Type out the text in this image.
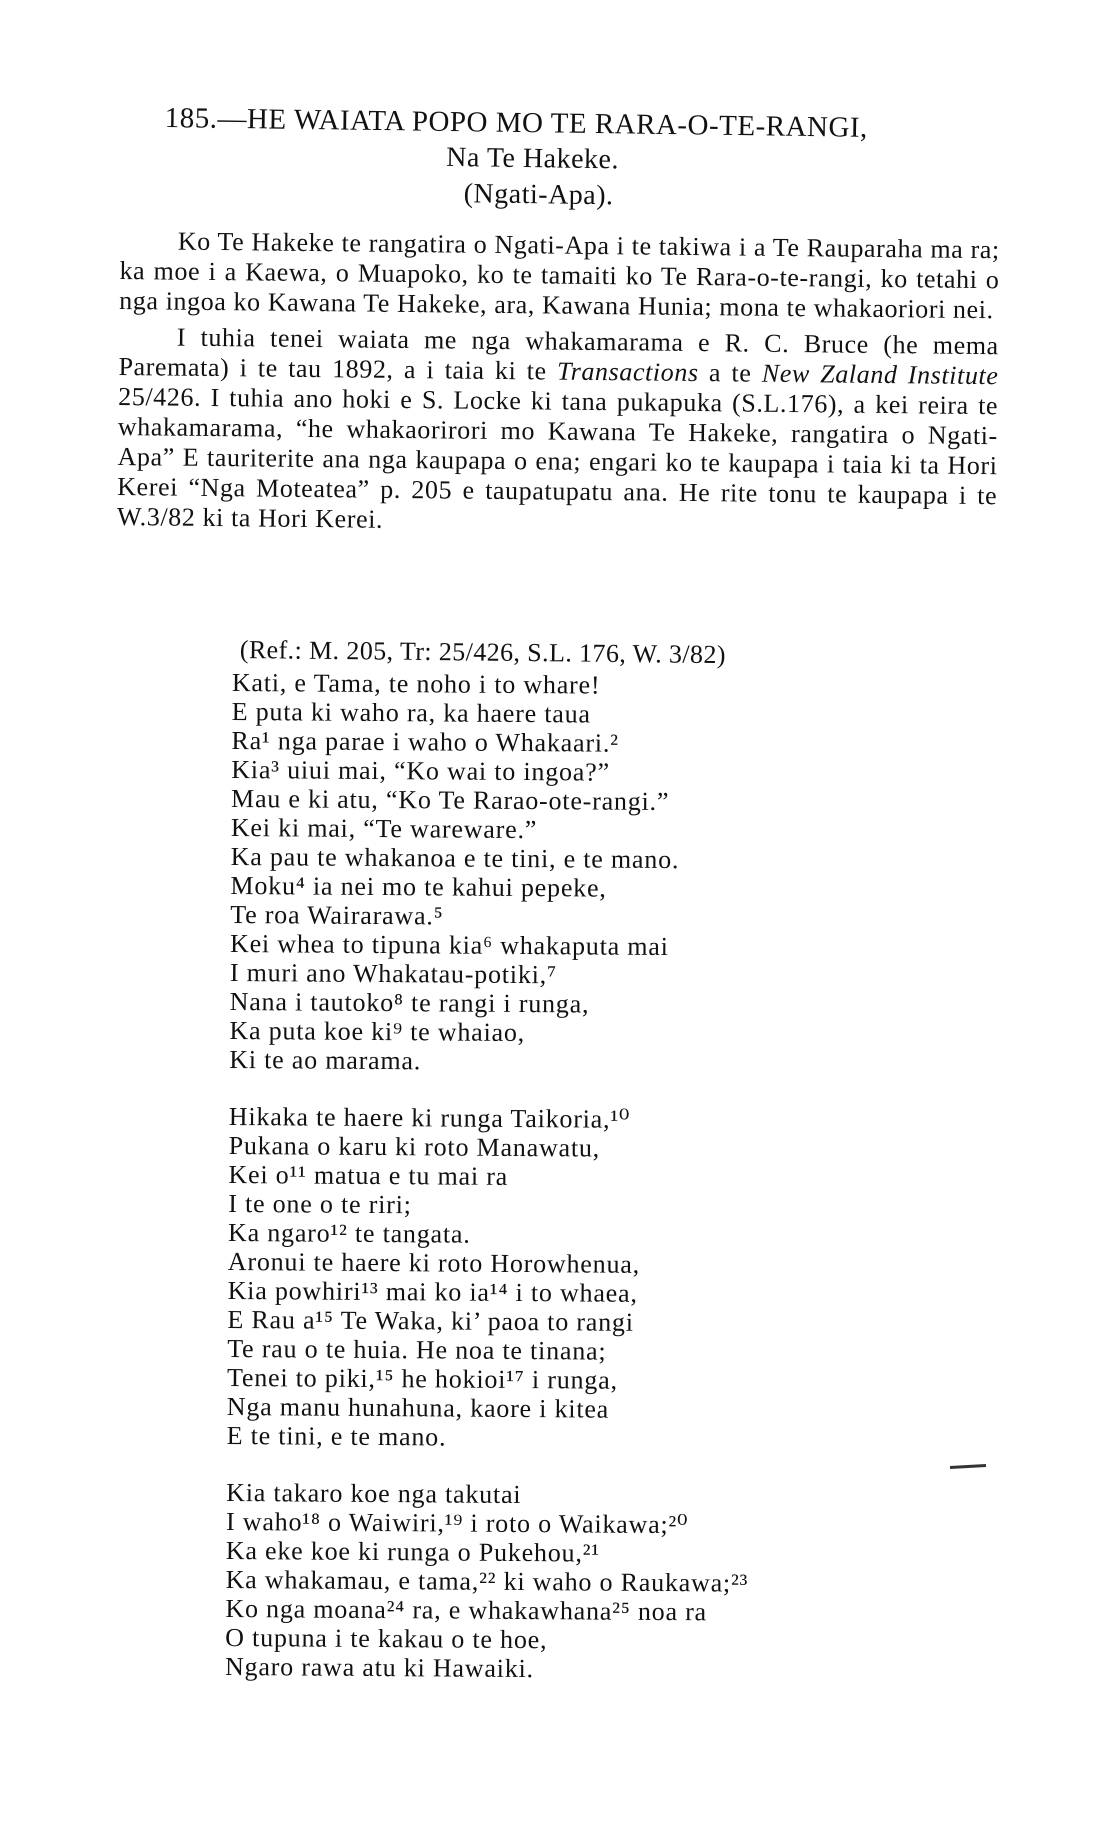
185.—HE WAIATA POPO MO TE RARA-O-TE-RANGI,
Na Te Hakeke.
(Ngati-Apa).

Ko Te Hakeke te rangatira o Ngati-Apa i te takiwa i a Te Rauparaha ma ra; ka moe i a Kaewa, o Muapoko, ko te tamaiti ko Te Rara-o-te-rangi, ko tetahi o nga ingoa ko Kawana Te Hakeke, ara, Kawana Hunia; mona te whakaoriori nei.

I tuhia tenei waiata me nga whakamarama e R. C. Bruce (he mema Paremata) i te tau 1892, a i taia ki te Transactions a te New Zaland Institute 25/426. I tuhia ano hoki e S. Locke ki tana pukapuka (S.L.176), a kei reira te whakamarama, “he whakaorirori mo Kawana Te Hakeke, rangatira o Ngati-Apa” E tauriterite ana nga kaupapa o ena; engari ko te kaupapa i taia ki ta Hori Kerei “Nga Moteatea” p. 205 e taupatupatu ana. He rite tonu te kaupapa i te W.3/82 ki ta Hori Kerei.

(Ref.: M. 205, Tr: 25/426, S.L. 176, W. 3/82)
Kati, e Tama, te noho i to whare!
E puta ki waho ra, ka haere taua
Ra¹ nga parae i waho o Whakaari.²
Kia³ uiui mai, “Ko wai to ingoa?”
Mau e ki atu, “Ko Te Rarao-ote-rangi.”
Kei ki mai, “Te wareware.”
Ka pau te whakanoa e te tini, e te mano.
Moku⁴ ia nei mo te kahui pepeke,
Te roa Wairarawa.⁵
Kei whea to tipuna kia⁶ whakaputa mai
I muri ano Whakatau-potiki,⁷
Nana i tautoko⁸ te rangi i runga,
Ka puta koe ki⁹ te whaiao,
Ki te ao marama.
Hikaka te haere ki runga Taikoria,¹⁰
Pukana o karu ki roto Manawatu,
Kei o¹¹ matua e tu mai ra
I te one o te riri;
Ka ngaro¹² te tangata.
Aronui te haere ki roto Horowhenua,
Kia powhiri¹³ mai ko ia¹⁴ i to whaea,
E Rau a¹⁵ Te Waka, ki’ paoa to rangi
Te rau o te huia. He noa te tinana;
Tenei to piki,¹⁵ he hokioi¹⁷ i runga,
Nga manu hunahuna, kaore i kitea
E te tini, e te mano.
Kia takaro koe nga takutai
I waho¹⁸ o Waiwiri,¹⁹ i roto o Waikawa;²⁰
Ka eke koe ki runga o Pukehou,²¹
Ka whakamau, e tama,²² ki waho o Raukawa;²³
Ko nga moana²⁴ ra, e whakawhana²⁵ noa ra
O tupuna i te kakau o te hoe,
Ngaro rawa atu ki Hawaiki.
